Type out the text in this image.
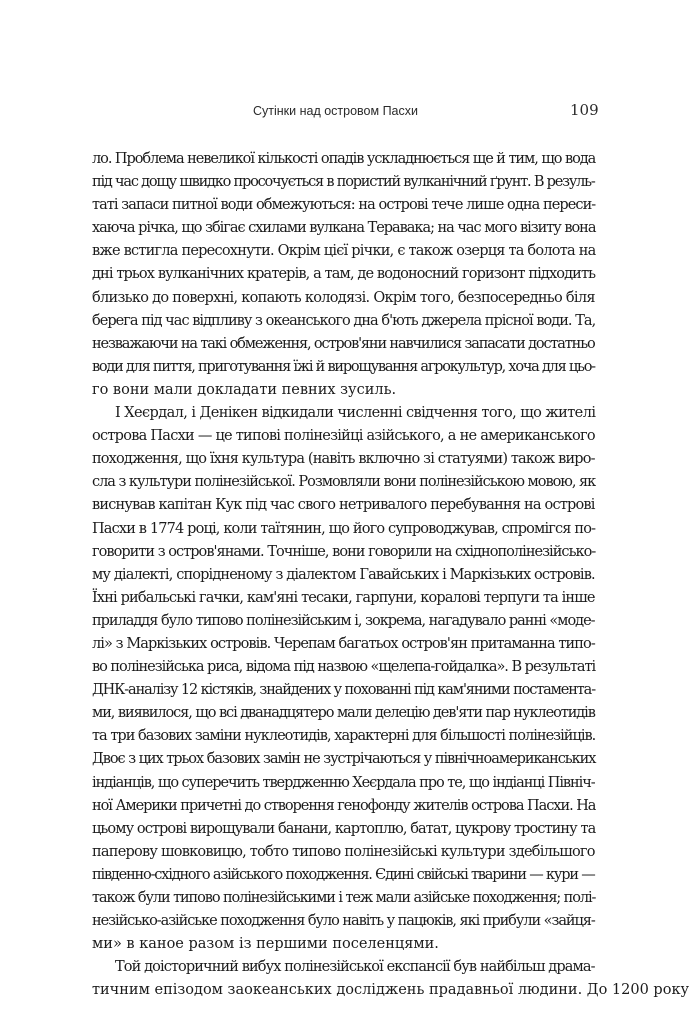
Сутінки над островом Пасхи	109
ло. Проблема невеликої кількості опадів ускладнюється ще й тим, що вода
під час дощу швидко просочується в пористий вулканічний ґрунт. В резуль-
таті запаси питної води обмежуються: на острові тече лише одна переси-
хаюча річка, що збігає схилами вулкана Теравака; на час мого візиту вона
вже встигла пересохнути. Окрім цієї річки, є також озерця та болота на
дні трьох вулканічних кратерів, а там, де водоносний горизонт підходить
близько до поверхні, копають колодязі. Окрім того, безпосередньо біля
берега під час відпливу з океанського дна б'ють джерела прісної води. Та,
незважаючи на такі обмеження, остров'яни навчилися запасати достатньо
води для пиття, приготування їжі й вирощування агрокультур, хоча для цьо-
го вони мали докладати певних зусиль.
І Хеєрдал, і Денікен відкидали численні свідчення того, що жителі
острова Пасхи — це типові полінезійці азійського, а не американського
походження, що їхня культура (навіть включно зі статуями) також виро-
сла з культури полінезійської. Розмовляли вони полінезійською мовою, як
виснував капітан Кук під час свого нетривалого перебування на острові
Пасхи в 1774 році, коли таїтянин, що його супроводжував, спромігся по-
говорити з остров'янами. Точніше, вони говорили на східнополінезійсько-
му діалекті, спорідненому з діалектом Гавайських і Маркізьких островів.
Їхні рибальські гачки, кам'яні тесаки, гарпуни, коралові терпуги та інше
приладдя було типово полінезійським і, зокрема, нагадувало ранні «моде-
лі» з Маркізьких островів. Черепам багатьох остров'ян притаманна типо-
во полінезійська риса, відома під назвою «щелепа-гойдалка». В результаті
ДНК-аналізу 12 кістяків, знайдених у похованні під кам'яними постамента-
ми, виявилося, що всі дванадцятеро мали делецію дев'яти пар нуклеотидів
та три базових заміни нуклеотидів, характерні для більшості полінезійців.
Двоє з цих трьох базових замін не зустрічаються у північноамериканських
індіанців, що суперечить твердженню Хеєрдала про те, що індіанці Північ-
ної Америки причетні до створення генофонду жителів острова Пасхи. На
цьому острові вирощували банани, картоплю, батат, цукрову тростину та
паперову шовковицю, тобто типово полінезійські культури здебільшого
південно-східного азійського походження. Єдині свійські тварини — кури —
також були типово полінезійськими і теж мали азійське походження; полі-
незійсько-азійське походження було навіть у пацюків, які прибули «зайця-
ми» в каное разом із першими поселенцями.
Той доісторичний вибух полінезійської експансії був найбільш драма-
тичним епізодом заокеанських досліджень прадавньої людини. До 1200 року
